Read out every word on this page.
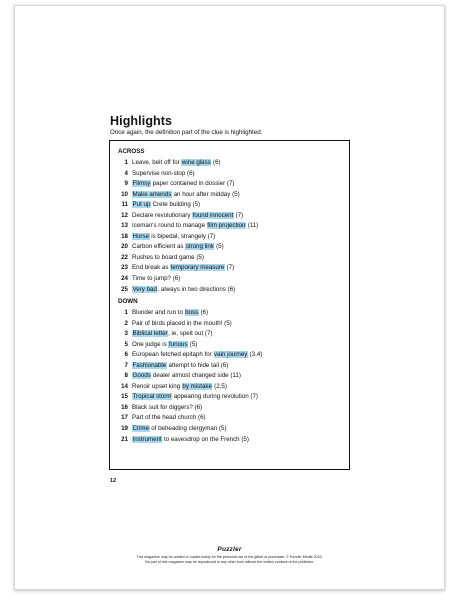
Highlights
Once again, the definition part of the clue is highlighted.
ACROSS
1 Leave, belt off for wine glass (6)
4 Supervise non-stop (6)
9 Flimsy paper contained in dossier (7)
10 Make amends an hour after midday (5)
11 Put up Crete building (5)
12 Declare revolutionary found innocent (7)
13 Iceman's round to manage film projection (11)
18 Horse is bipedal, strangely (7)
20 Carbon efficient as strong link (5)
22 Rushes to board game (5)
23 End break as temporary measure (7)
24 Time to jump? (6)
25 Very bad, always in two directions (6)
DOWN
1 Blunder and run to boss (6)
2 Pair of birds placed in the mouth! (5)
3 Biblical letter, ie, spelt out (7)
5 One judge is furious (5)
6 European fetched epitaph for vain journey (3,4)
7 Fashionable attempt to hide tail (6)
8 Goods dealer almost changed side (11)
14 Renoir upset king by mistake (2,5)
15 Tropical storm appearing during revolution (7)
16 Black suit for diggers? (6)
17 Part of the head church (6)
19 Crime of beheading clergyman (5)
21 Instrument to eavesdrop on the French (5)
12
Puzzler
This magazine may be printed or copied solely for the personal use of the giftee or purchaser. © Puzzler Media 2016.
No part of this magazine may be reproduced in any other form without the written consent of the publisher.
